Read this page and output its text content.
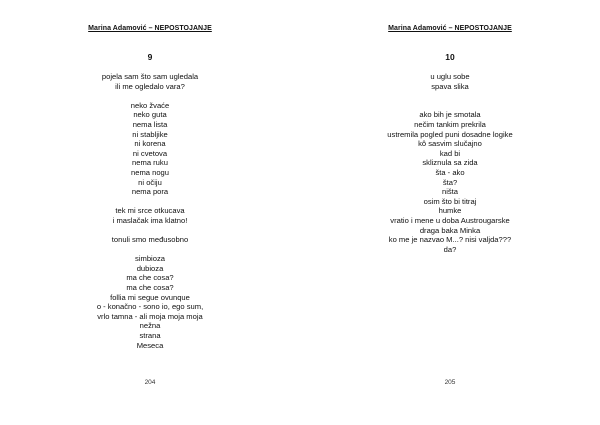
Marina Adamović – NEPOSTOJANJE
9
pojela sam što sam ugledala
ili me ogledalo vara?
neko žvaće
neko guta
nema lista
ni stabljike
ni korena
ni cvetova
nema ruku
nema nogu
ni očiju
nema pora
tek mi srce otkucava
i maslačak ima klatno!
tonuli smo međusobno
simbioza
dubioza
ma che cosa?
ma che cosa?
follia mi segue ovunque
o - konačno - sono io, ego sum,
vrlo tamna - ali moja moja moja
nežna
strana
Meseca
204
Marina Adamović – NEPOSTOJANJE
10
u uglu sobe
spava slika
ako bih je smotala
nečim tankim prekrila
ustremila pogled puni dosadne logike
kô sasvim slučajno
kad bi
skliznula sa zida
šta - ako
šta?
ništa
osim što bi titraj
humke
vratio i mene u doba Austrougarske
draga baka Minka
ko me je nazvao M...? nisi valjda???
da?
205
